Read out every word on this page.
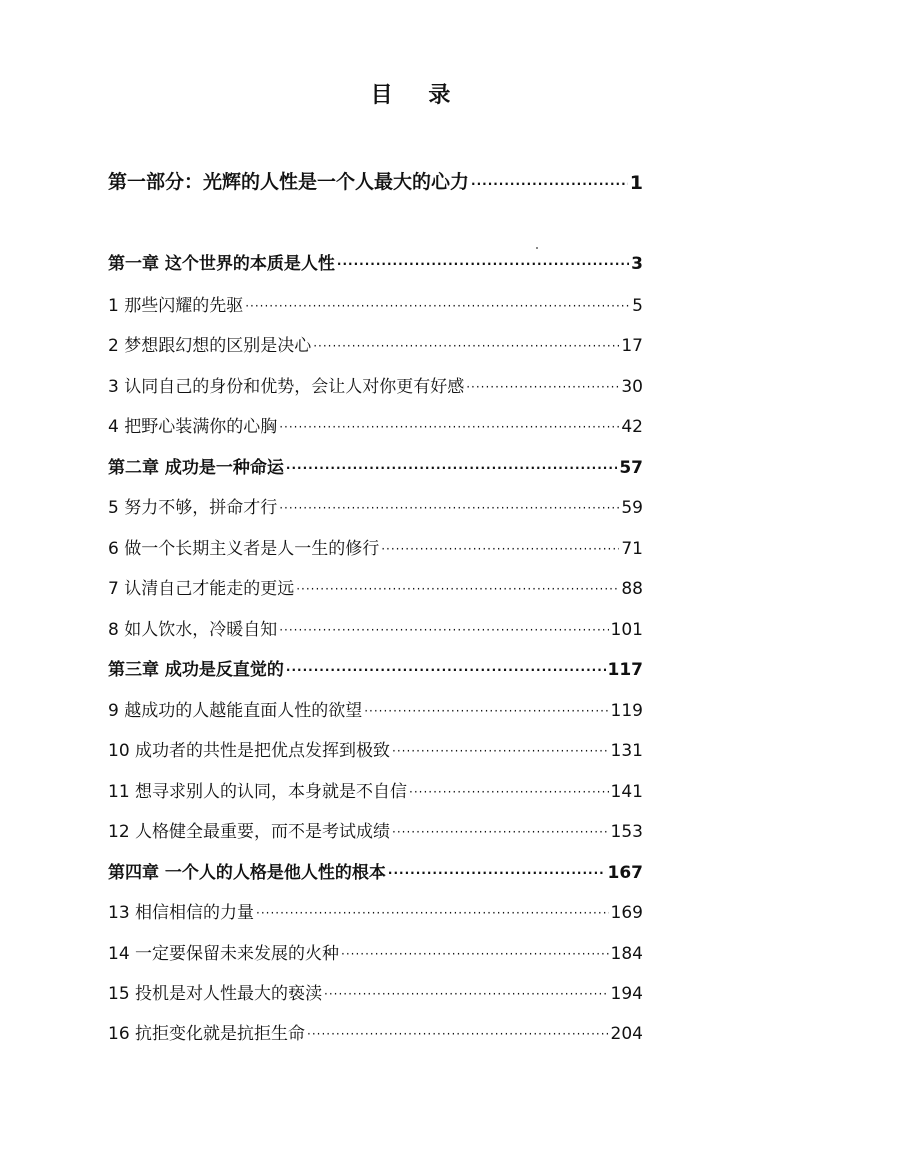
目 录
第一部分：光辉的人性是一个人最大的心力 ·····	1
第一章 这个世界的本质是人性 ·····	3
1 那些闪耀的先驱 ·····	5
2 梦想跟幻想的区别是决心 ·····	17
3 认同自己的身份和优势，会让人对你更有好感 ·····	30
4 把野心装满你的心胸 ·····	42
第二章 成功是一种命运 ·····	57
5 努力不够，拼命才行 ·····	59
6 做一个长期主义者是人一生的修行 ·····	71
7 认清自己才能走的更远 ·····	88
8 如人饮水，冷暖自知 ·····	101
第三章 成功是反直觉的 ·····	117
9 越成功的人越能直面人性的欲望 ·····	119
10 成功者的共性是把优点发挥到极致 ·····	131
11 想寻求别人的认同，本身就是不自信 ·····	141
12 人格健全最重要，而不是考试成绩 ·····	153
第四章 一个人的人格是他人性的根本 ·····	167
13 相信相信的力量 ·····	169
14 一定要保留未来发展的火种 ·····	184
15 投机是对人性最大的亵渎 ·····	194
16 抗拒变化就是抗拒生命 ·····	204
